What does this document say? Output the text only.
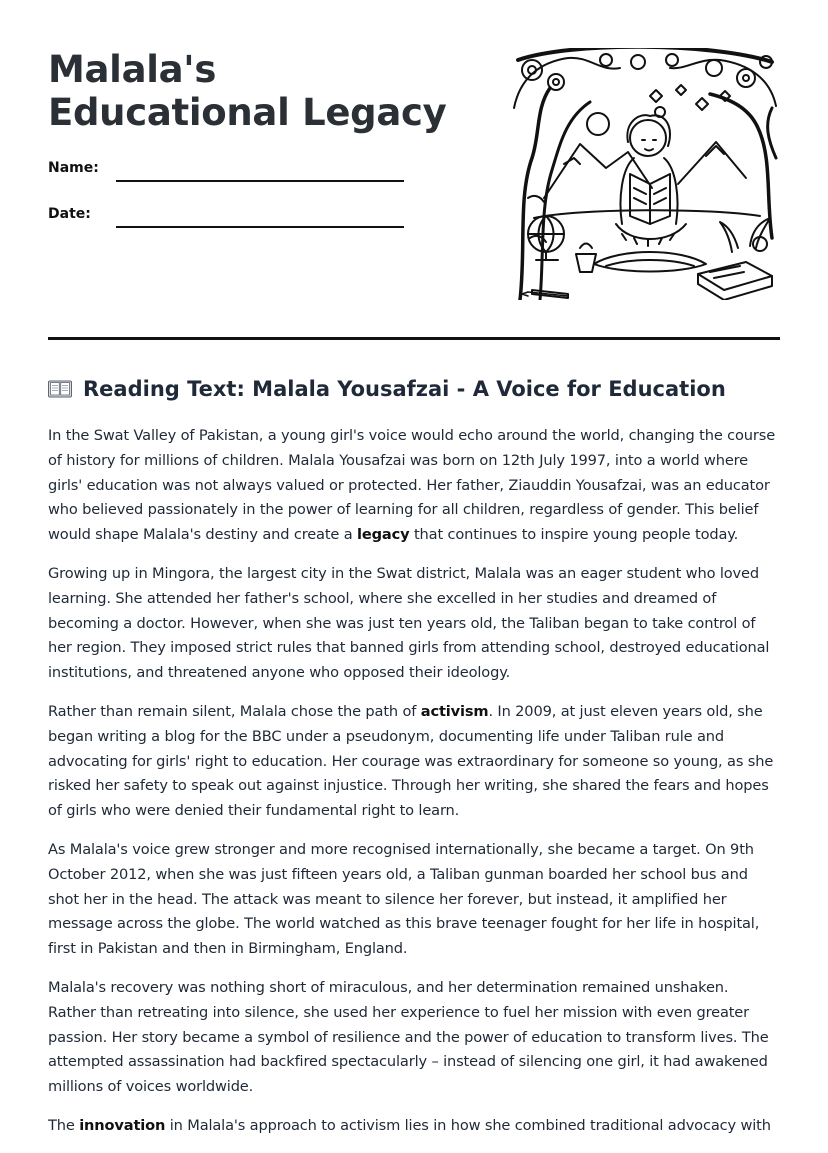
Malala's Educational Legacy
Name:
Date:
Reading Text: Malala Yousafzai - A Voice for Education

In the Swat Valley of Pakistan, a young girl's voice would echo around the world, changing the course of history for millions of children. Malala Yousafzai was born on 12th July 1997, into a world where girls' education was not always valued or protected. Her father, Ziauddin Yousafzai, was an educator who believed passionately in the power of learning for all children, regardless of gender. This belief would shape Malala's destiny and create a legacy that continues to inspire young people today.

Growing up in Mingora, the largest city in the Swat district, Malala was an eager student who loved learning. She attended her father's school, where she excelled in her studies and dreamed of becoming a doctor. However, when she was just ten years old, the Taliban began to take control of her region. They imposed strict rules that banned girls from attending school, destroyed educational institutions, and threatened anyone who opposed their ideology.

Rather than remain silent, Malala chose the path of activism. In 2009, at just eleven years old, she began writing a blog for the BBC under a pseudonym, documenting life under Taliban rule and advocating for girls' right to education. Her courage was extraordinary for someone so young, as she risked her safety to speak out against injustice. Through her writing, she shared the fears and hopes of girls who were denied their fundamental right to learn.

As Malala's voice grew stronger and more recognised internationally, she became a target. On 9th October 2012, when she was just fifteen years old, a Taliban gunman boarded her school bus and shot her in the head. The attack was meant to silence her forever, but instead, it amplified her message across the globe. The world watched as this brave teenager fought for her life in hospital, first in Pakistan and then in Birmingham, England.

Malala's recovery was nothing short of miraculous, and her determination remained unshaken. Rather than retreating into silence, she used her experience to fuel her mission with even greater passion. Her story became a symbol of resilience and the power of education to transform lives. The attempted assassination had backfired spectacularly – instead of silencing one girl, it had awakened millions of voices worldwide.

The innovation in Malala's approach to activism lies in how she combined traditional advocacy with
